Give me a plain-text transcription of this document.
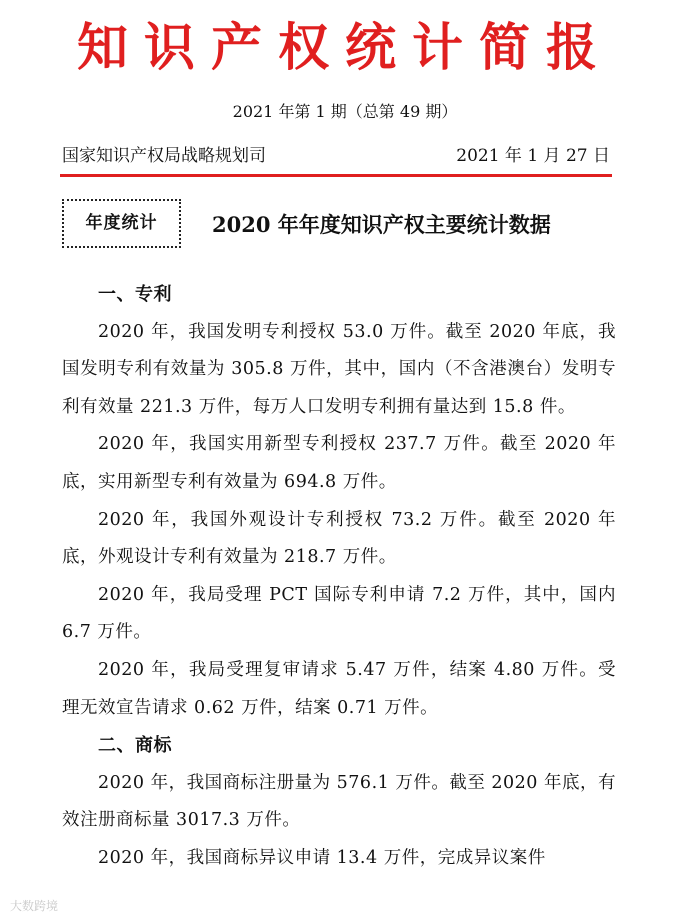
知识产权统计简报
2021 年第 1 期（总第 49 期）
国家知识产权局战略规划司	2021 年 1 月 27 日
年度统计	2020 年年度知识产权主要统计数据
一、专利

2020 年，我国发明专利授权 53.0 万件。截至 2020 年底，我国发明专利有效量为 305.8 万件，其中，国内（不含港澳台）发明专利有效量 221.3 万件，每万人口发明专利拥有量达到 15.8 件。

2020 年，我国实用新型专利授权 237.7 万件。截至 2020 年底，实用新型专利有效量为 694.8 万件。

2020 年，我国外观设计专利授权 73.2 万件。截至 2020 年底，外观设计专利有效量为 218.7 万件。

2020 年，我局受理 PCT 国际专利申请 7.2 万件，其中，国内 6.7 万件。

2020 年，我局受理复审请求 5.47 万件，结案 4.80 万件。受理无效宣告请求 0.62 万件，结案 0.71 万件。

二、商标

2020 年，我国商标注册量为 576.1 万件。截至 2020 年底，有效注册商标量 3017.3 万件。

2020 年，我国商标异议申请 13.4 万件，完成异议案件

大数跨境
